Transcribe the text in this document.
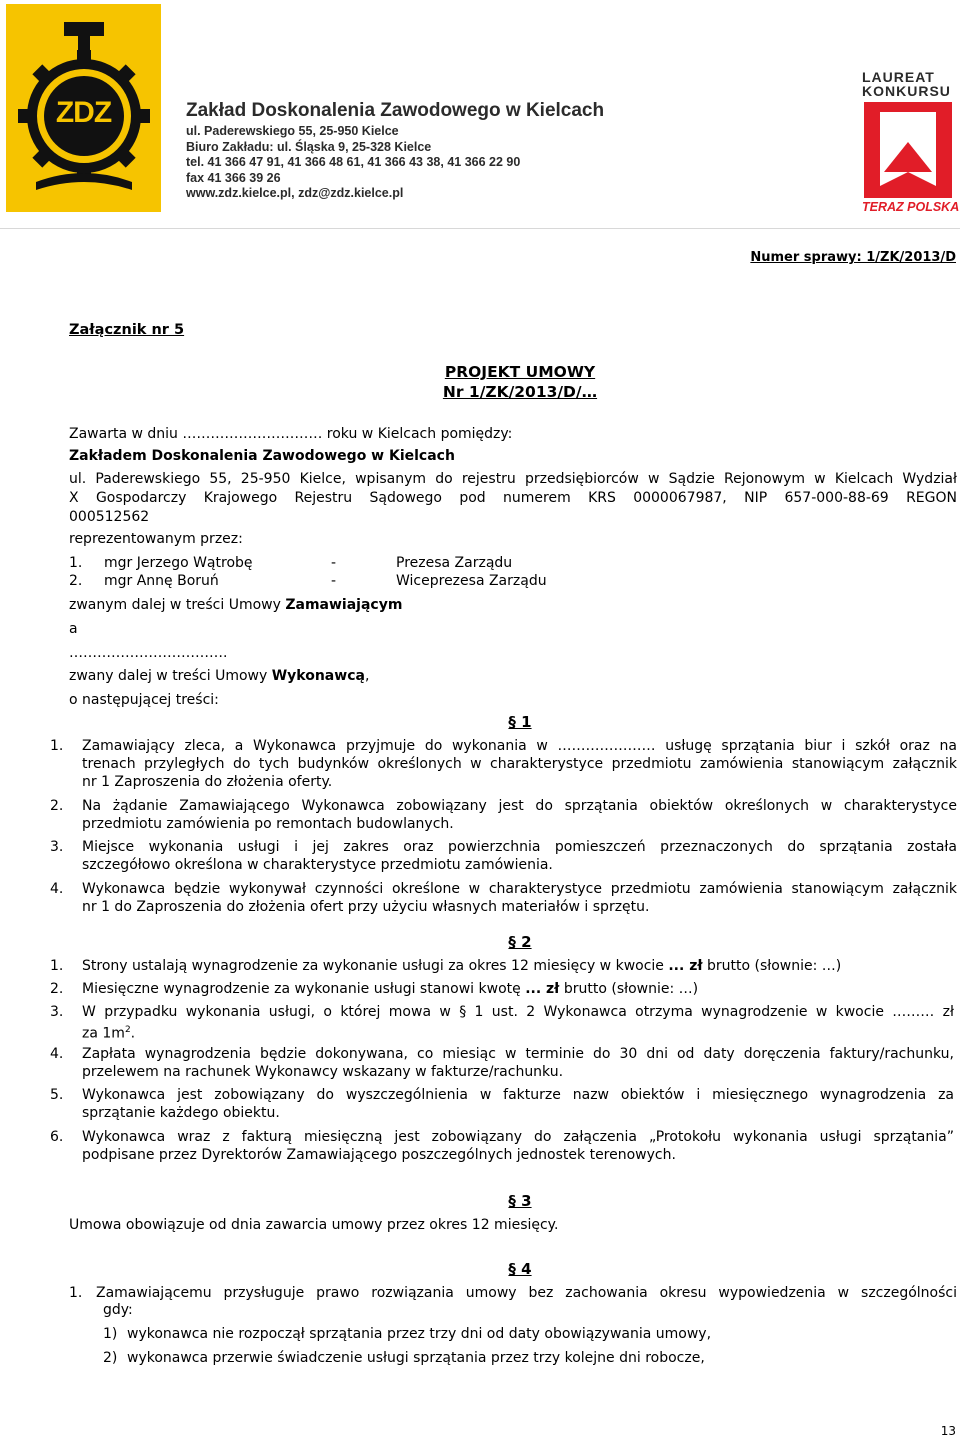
ZDZ	Zakład Doskonalenia Zawodowego w Kielcach
ul. Paderewskiego 55, 25-950 Kielce
Biuro Zakładu: ul. Śląska 9, 25-328 Kielce
tel. 41 366 47 91, 41 366 48 61, 41 366 43 38, 41 366 22 90
fax 41 366 39 26
www.zdz.kielce.pl, zdz@zdz.kielce.pl
LAUREAT
KONKURSU
TERAZ POLSKA
Numer sprawy: 1/ZK/2013/D
Załącznik nr 5
PROJEKT UMOWY
Nr 1/ZK/2013/D/…
Zawarta w dniu ………………………… roku w Kielcach pomiędzy:
Zakładem Doskonalenia Zawodowego w Kielcach
ul. Paderewskiego 55, 25-950 Kielce, wpisanym do rejestru przedsiębiorców w Sądzie Rejonowym w Kielcach Wydział
X Gospodarczy Krajowego Rejestru Sądowego pod numerem KRS 0000067987, NIP 657-000-88-69 REGON
000512562
reprezentowanym przez:
1. mgr Jerzego Wątrobę	-	Prezesa Zarządu
2. mgr Annę Boruń	-	Wiceprezesa Zarządu
zwanym dalej w treści Umowy Zamawiającym
a
…………………………….
zwany dalej w treści Umowy Wykonawcą,
o następującej treści:
§ 1
1. Zamawiający zleca, a Wykonawca przyjmuje do wykonania w ………………… usługę sprzątania biur i szkół oraz na
trenach przyległych do tych budynków określonych w charakterystyce przedmiotu zamówienia stanowiącym załącznik
nr 1 Zaproszenia do złożenia oferty.
2. Na żądanie Zamawiającego Wykonawca zobowiązany jest do sprzątania obiektów określonych w charakterystyce
przedmiotu zamówienia po remontach budowlanych.
3. Miejsce wykonania usługi i jej zakres oraz powierzchnia pomieszczeń przeznaczonych do sprzątania została
szczegółowo określona w charakterystyce przedmiotu zamówienia.
4. Wykonawca będzie wykonywał czynności określone w charakterystyce przedmiotu zamówienia stanowiącym załącznik
nr 1 do Zaproszenia do złożenia ofert przy użyciu własnych materiałów i sprzętu.
§ 2
1. Strony ustalają wynagrodzenie za wykonanie usługi za okres 12 miesięcy w kwocie ... zł brutto (słownie: …)
2. Miesięczne wynagrodzenie za wykonanie usługi stanowi kwotę ... zł brutto (słownie: …)
3. W przypadku wykonania usługi, o której mowa w § 1 ust. 2 Wykonawca otrzyma wynagrodzenie w kwocie ……… zł
za $1m^2$.
4. Zapłata wynagrodzenia będzie dokonywana, co miesiąc w terminie do 30 dni od daty doręczenia faktury/rachunku,
przelewem na rachunek Wykonawcy wskazany w fakturze/rachunku.
5. Wykonawca jest zobowiązany do wyszczególnienia w fakturze nazw obiektów i miesięcznego wynagrodzenia za
sprzątanie każdego obiektu.
6. Wykonawca wraz z fakturą miesięczną jest zobowiązany do załączenia „Protokołu wykonania usługi sprzątania”
podpisane przez Dyrektorów Zamawiającego poszczególnych jednostek terenowych.
§ 3
Umowa obowiązuje od dnia zawarcia umowy przez okres 12 miesięcy.
§ 4
1. Zamawiającemu przysługuje prawo rozwiązania umowy bez zachowania okresu wypowiedzenia w szczególności
gdy:
1) wykonawca nie rozpoczął sprzątania przez trzy dni od daty obowiązywania umowy,
2) wykonawca przerwie świadczenie usługi sprzątania przez trzy kolejne dni robocze,
13
